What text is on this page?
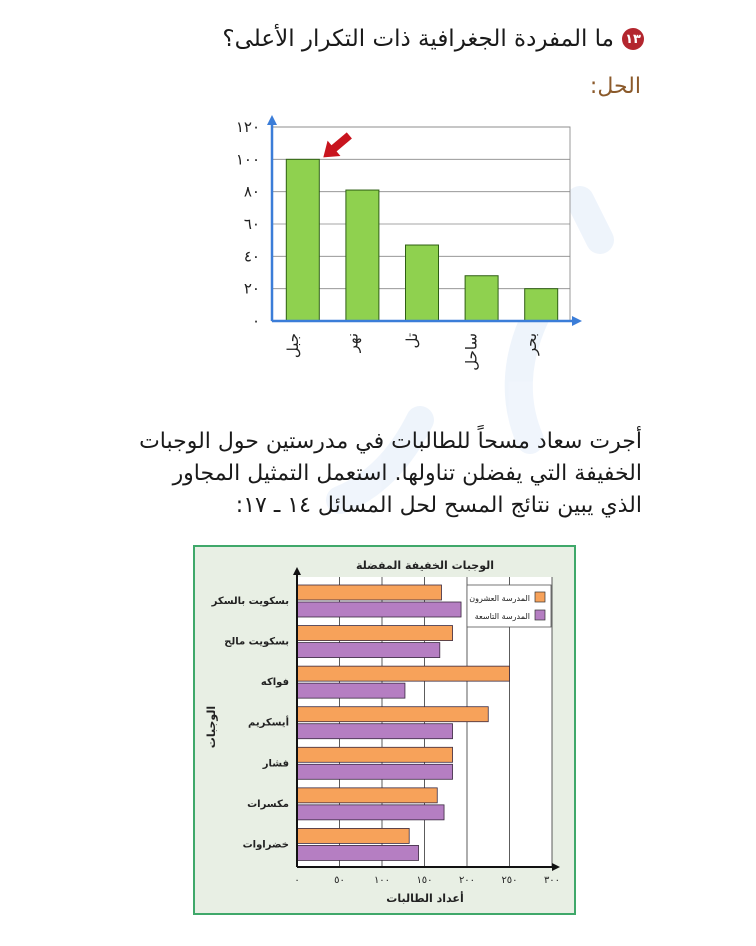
١٣
ما المفردة الجغرافية ذات التكرار الأعلى؟
الحل:
٠
٢٠
٤٠
٦٠
٨٠
١٠٠
١٢٠
جبل	نهر	تل	ساحل	بحر
أجرت سعاد مسحاً للطالبات في مدرستين حول الوجبات
الخفيفة التي يفضلن تناولها. استعمل التمثيل المجاور
الذي يبين نتائج المسح لحل المسائل ١٤ ـ ١٧:
بسكويت بالسكر
بسكويت مالح
فواكه
أيسكريم
فشار
مكسرات
خضراوات
٠	٥٠	١٠٠	١٥٠	٢٠٠	٢٥٠	٣٠٠
المدرسة العشرون
المدرسة التاسعة
الوجبات الخفيفة المفضلة
أعداد الطالبات
الوجبات
